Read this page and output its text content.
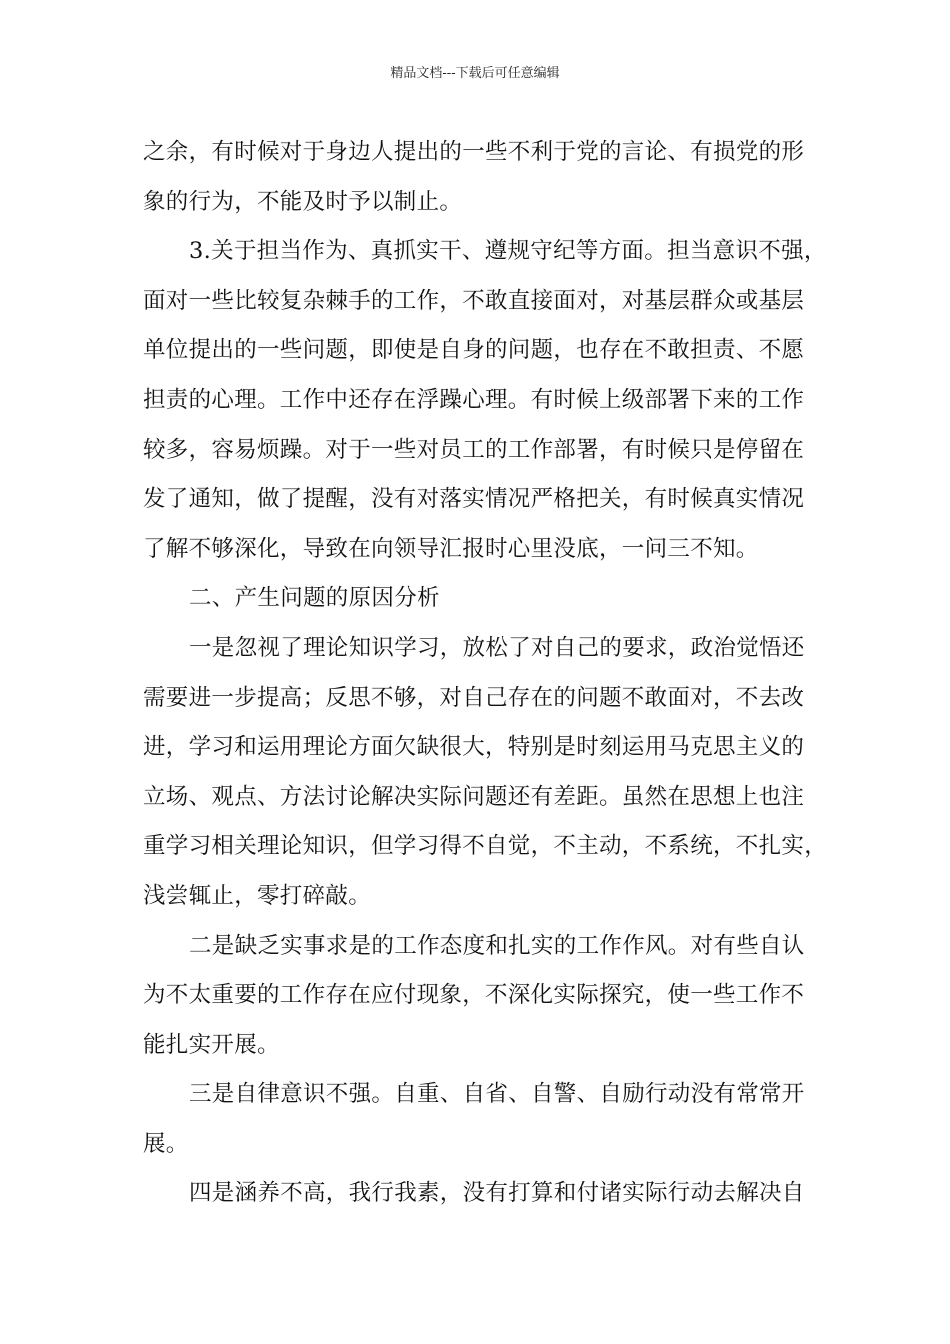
精品文档---下载后可任意编辑
之余，有时候对于身边人提出的一些不利于党的言论、有损党的形
象的行为，不能及时予以制止。
3.关于担当作为、真抓实干、遵规守纪等方面。担当意识不强，
面对一些比较复杂棘手的工作，不敢直接面对，对基层群众或基层
单位提出的一些问题，即使是自身的问题，也存在不敢担责、不愿
担责的心理。工作中还存在浮躁心理。有时候上级部署下来的工作
较多，容易烦躁。对于一些对员工的工作部署，有时候只是停留在
发了通知，做了提醒，没有对落实情况严格把关，有时候真实情况
了解不够深化，导致在向领导汇报时心里没底，一问三不知。
二、产生问题的原因分析
一是忽视了理论知识学习，放松了对自己的要求，政治觉悟还
需要进一步提高；反思不够，对自己存在的问题不敢面对，不去改
进，学习和运用理论方面欠缺很大，特别是时刻运用马克思主义的
立场、观点、方法讨论解决实际问题还有差距。虽然在思想上也注
重学习相关理论知识，但学习得不自觉，不主动，不系统，不扎实，
浅尝辄止，零打碎敲。
二是缺乏实事求是的工作态度和扎实的工作作风。对有些自认
为不太重要的工作存在应付现象，不深化实际探究，使一些工作不
能扎实开展。
三是自律意识不强。自重、自省、自警、自励行动没有常常开
展。
四是涵养不高，我行我素，没有打算和付诸实际行动去解决自
